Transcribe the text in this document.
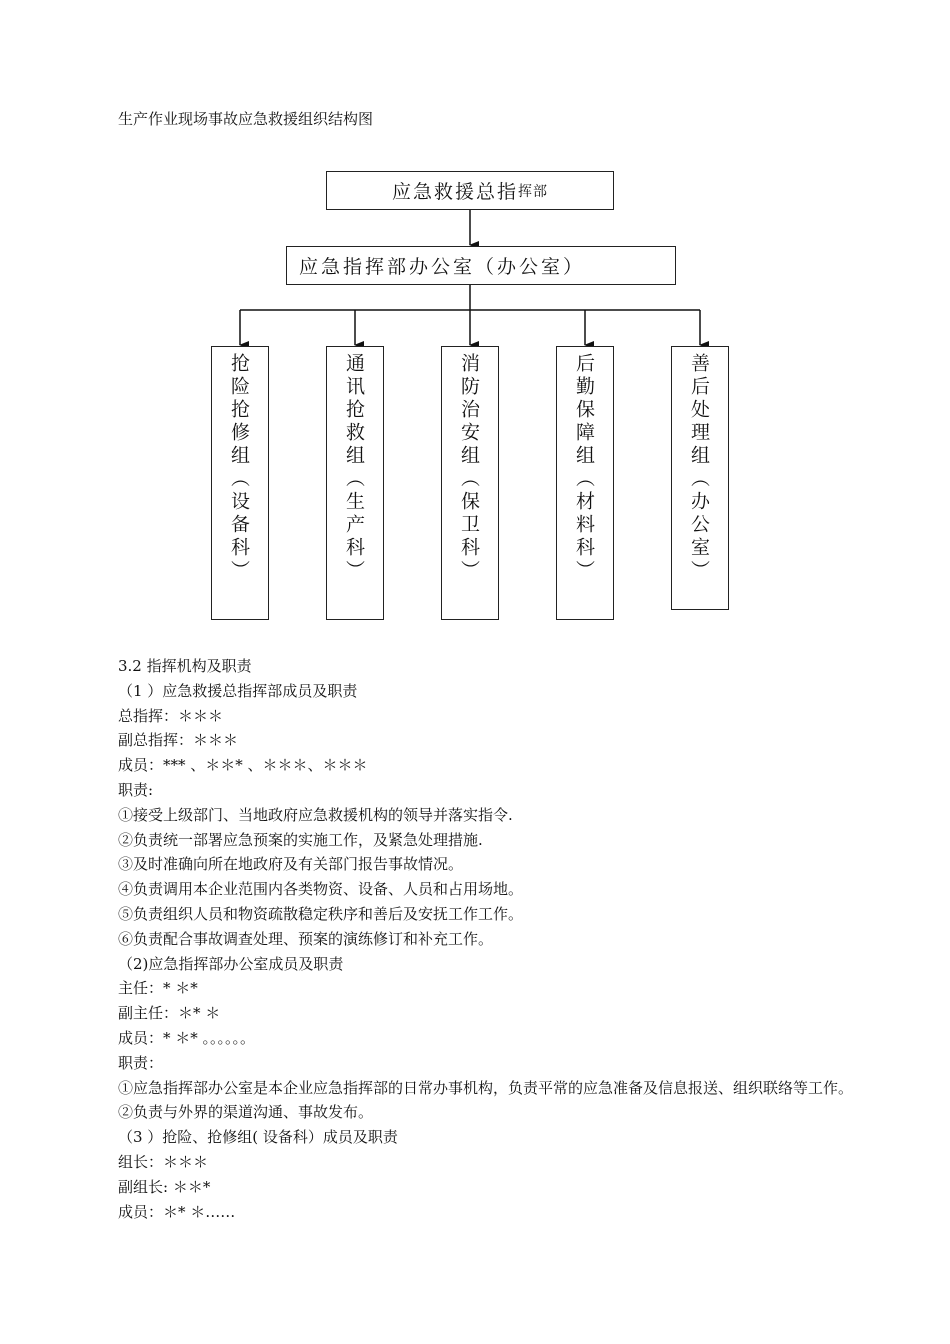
生产作业现场事故应急救援组织结构图
应急救援总指 挥部
应急指挥部办公室（办公室）
抢险抢修组（设备科）	通讯抢救组（生产科）	消防治安组（保卫科）	后勤保障组（材料科）	善后处理组（办公室）

3.2 指挥机构及职责

（1 ）应急救援总指挥部成员及职责

总指挥：＊＊＊

副总指挥：＊＊＊

成员：*** 、＊＊* 、＊＊＊、＊＊＊

职责:

①接受上级部门、当地政府应急救援机构的领导并落实指令.

②负责统一部署应急预案的实施工作，及紧急处理措施.

③及时准确向所在地政府及有关部门报告事故情况。

④负责调用本企业范围内各类物资、设备、人员和占用场地。

⑤负责组织人员和物资疏散稳定秩序和善后及安抚工作工作。

⑥负责配合事故调查处理、预案的演练修订和补充工作。

（2)应急指挥部办公室成员及职责

主任：* ＊*

副主任：＊* ＊

成员：* ＊* 。。。。。。

职责：

①应急指挥部办公室是本企业应急指挥部的日常办事机构，负责平常的应急准备及信息报送、组织联络等工作。

②负责与外界的渠道沟通、事故发布。

（3 ）抢险、抢修组( 设备科）成员及职责

组长：＊＊＊

副组长: ＊＊*

成员：＊* ＊……
